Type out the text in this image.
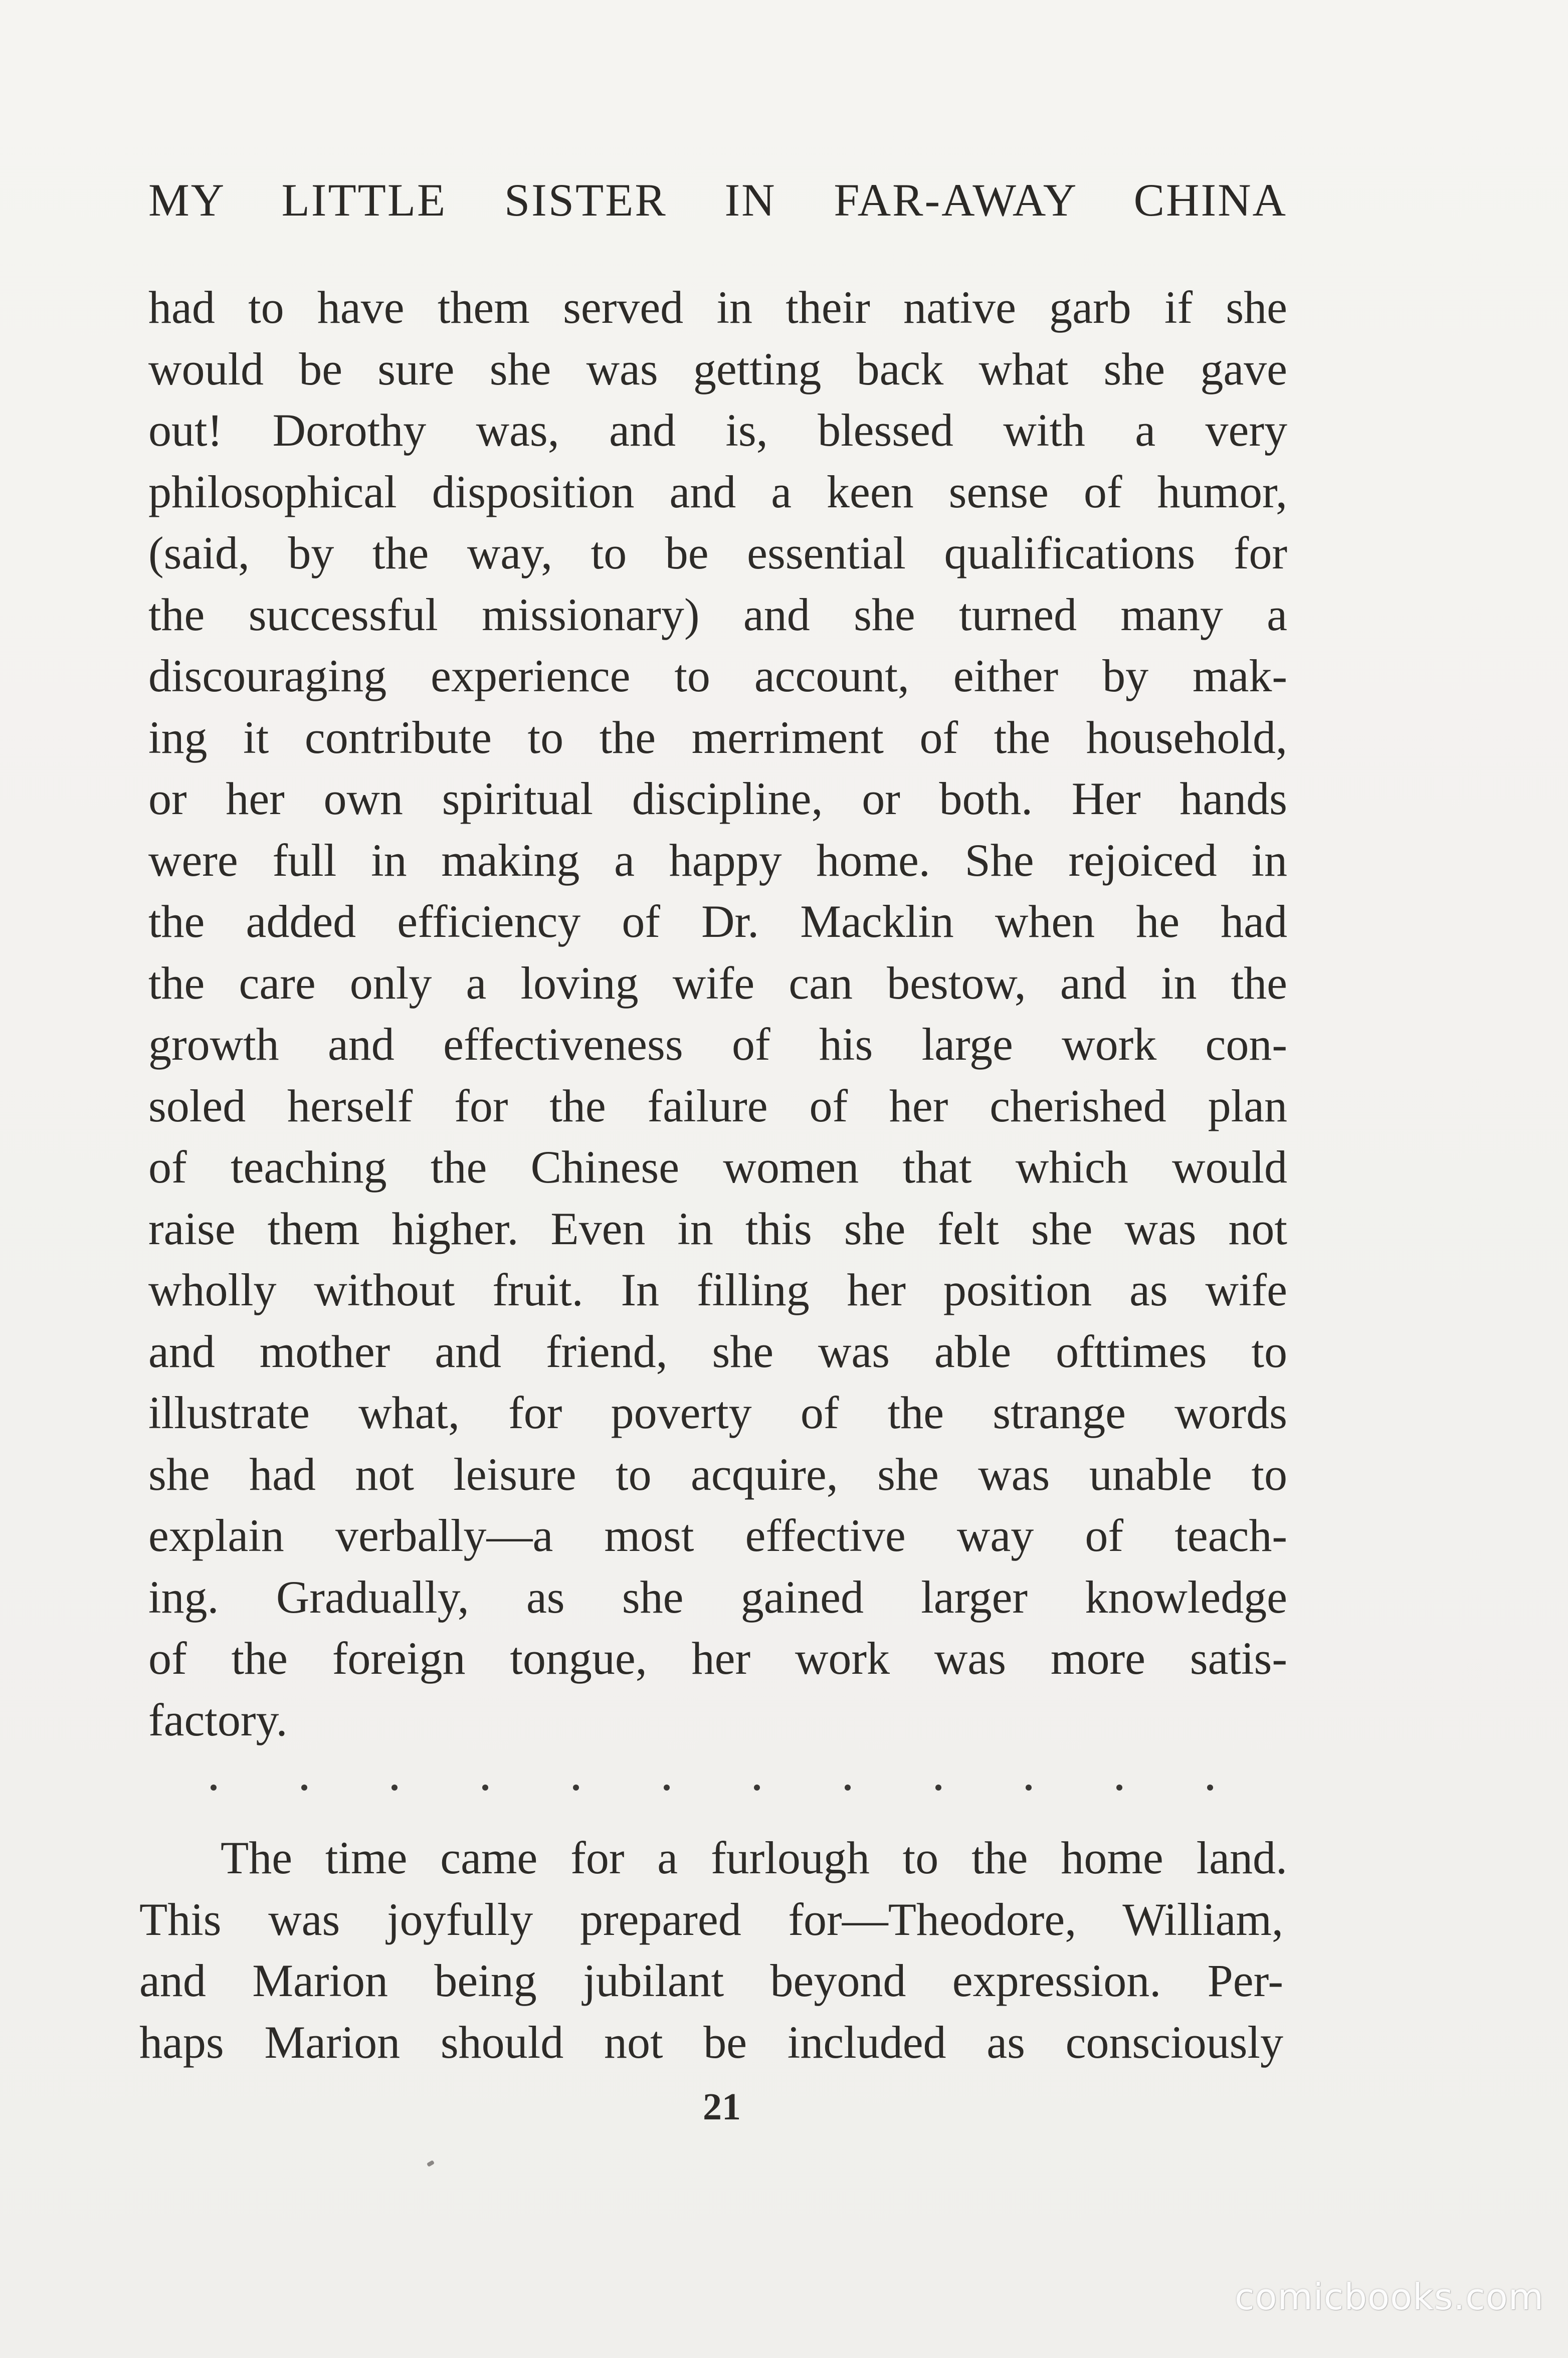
MY LITTLE SISTER IN FAR-AWAY CHINA
had to have them served in their native garb if she
would be sure she was getting back what she gave
out! Dorothy was, and is, blessed with a very
philosophical disposition and a keen sense of humor,
(said, by the way, to be essential qualifications for
the successful missionary) and she turned many a
discouraging experience to account, either by mak-
ing it contribute to the merriment of the household,
or her own spiritual discipline, or both. Her hands
were full in making a happy home. She rejoiced in
the added efficiency of Dr. Macklin when he had
the care only a loving wife can bestow, and in the
growth and effectiveness of his large work con-
soled herself for the failure of her cherished plan
of teaching the Chinese women that which would
raise them higher. Even in this she felt she was not
wholly without fruit. In filling her position as wife
and mother and friend, she was able ofttimes to
illustrate what, for poverty of the strange words
she had not leisure to acquire, she was unable to
explain verbally—a most effective way of teach-
ing. Gradually, as she gained larger knowledge
of the foreign tongue, her work was more satis-
factory.
The time came for a furlough to the home land.
This was joyfully prepared for—Theodore, William,
and Marion being jubilant beyond expression. Per-
haps Marion should not be included as consciously
21
comicbooks.com
